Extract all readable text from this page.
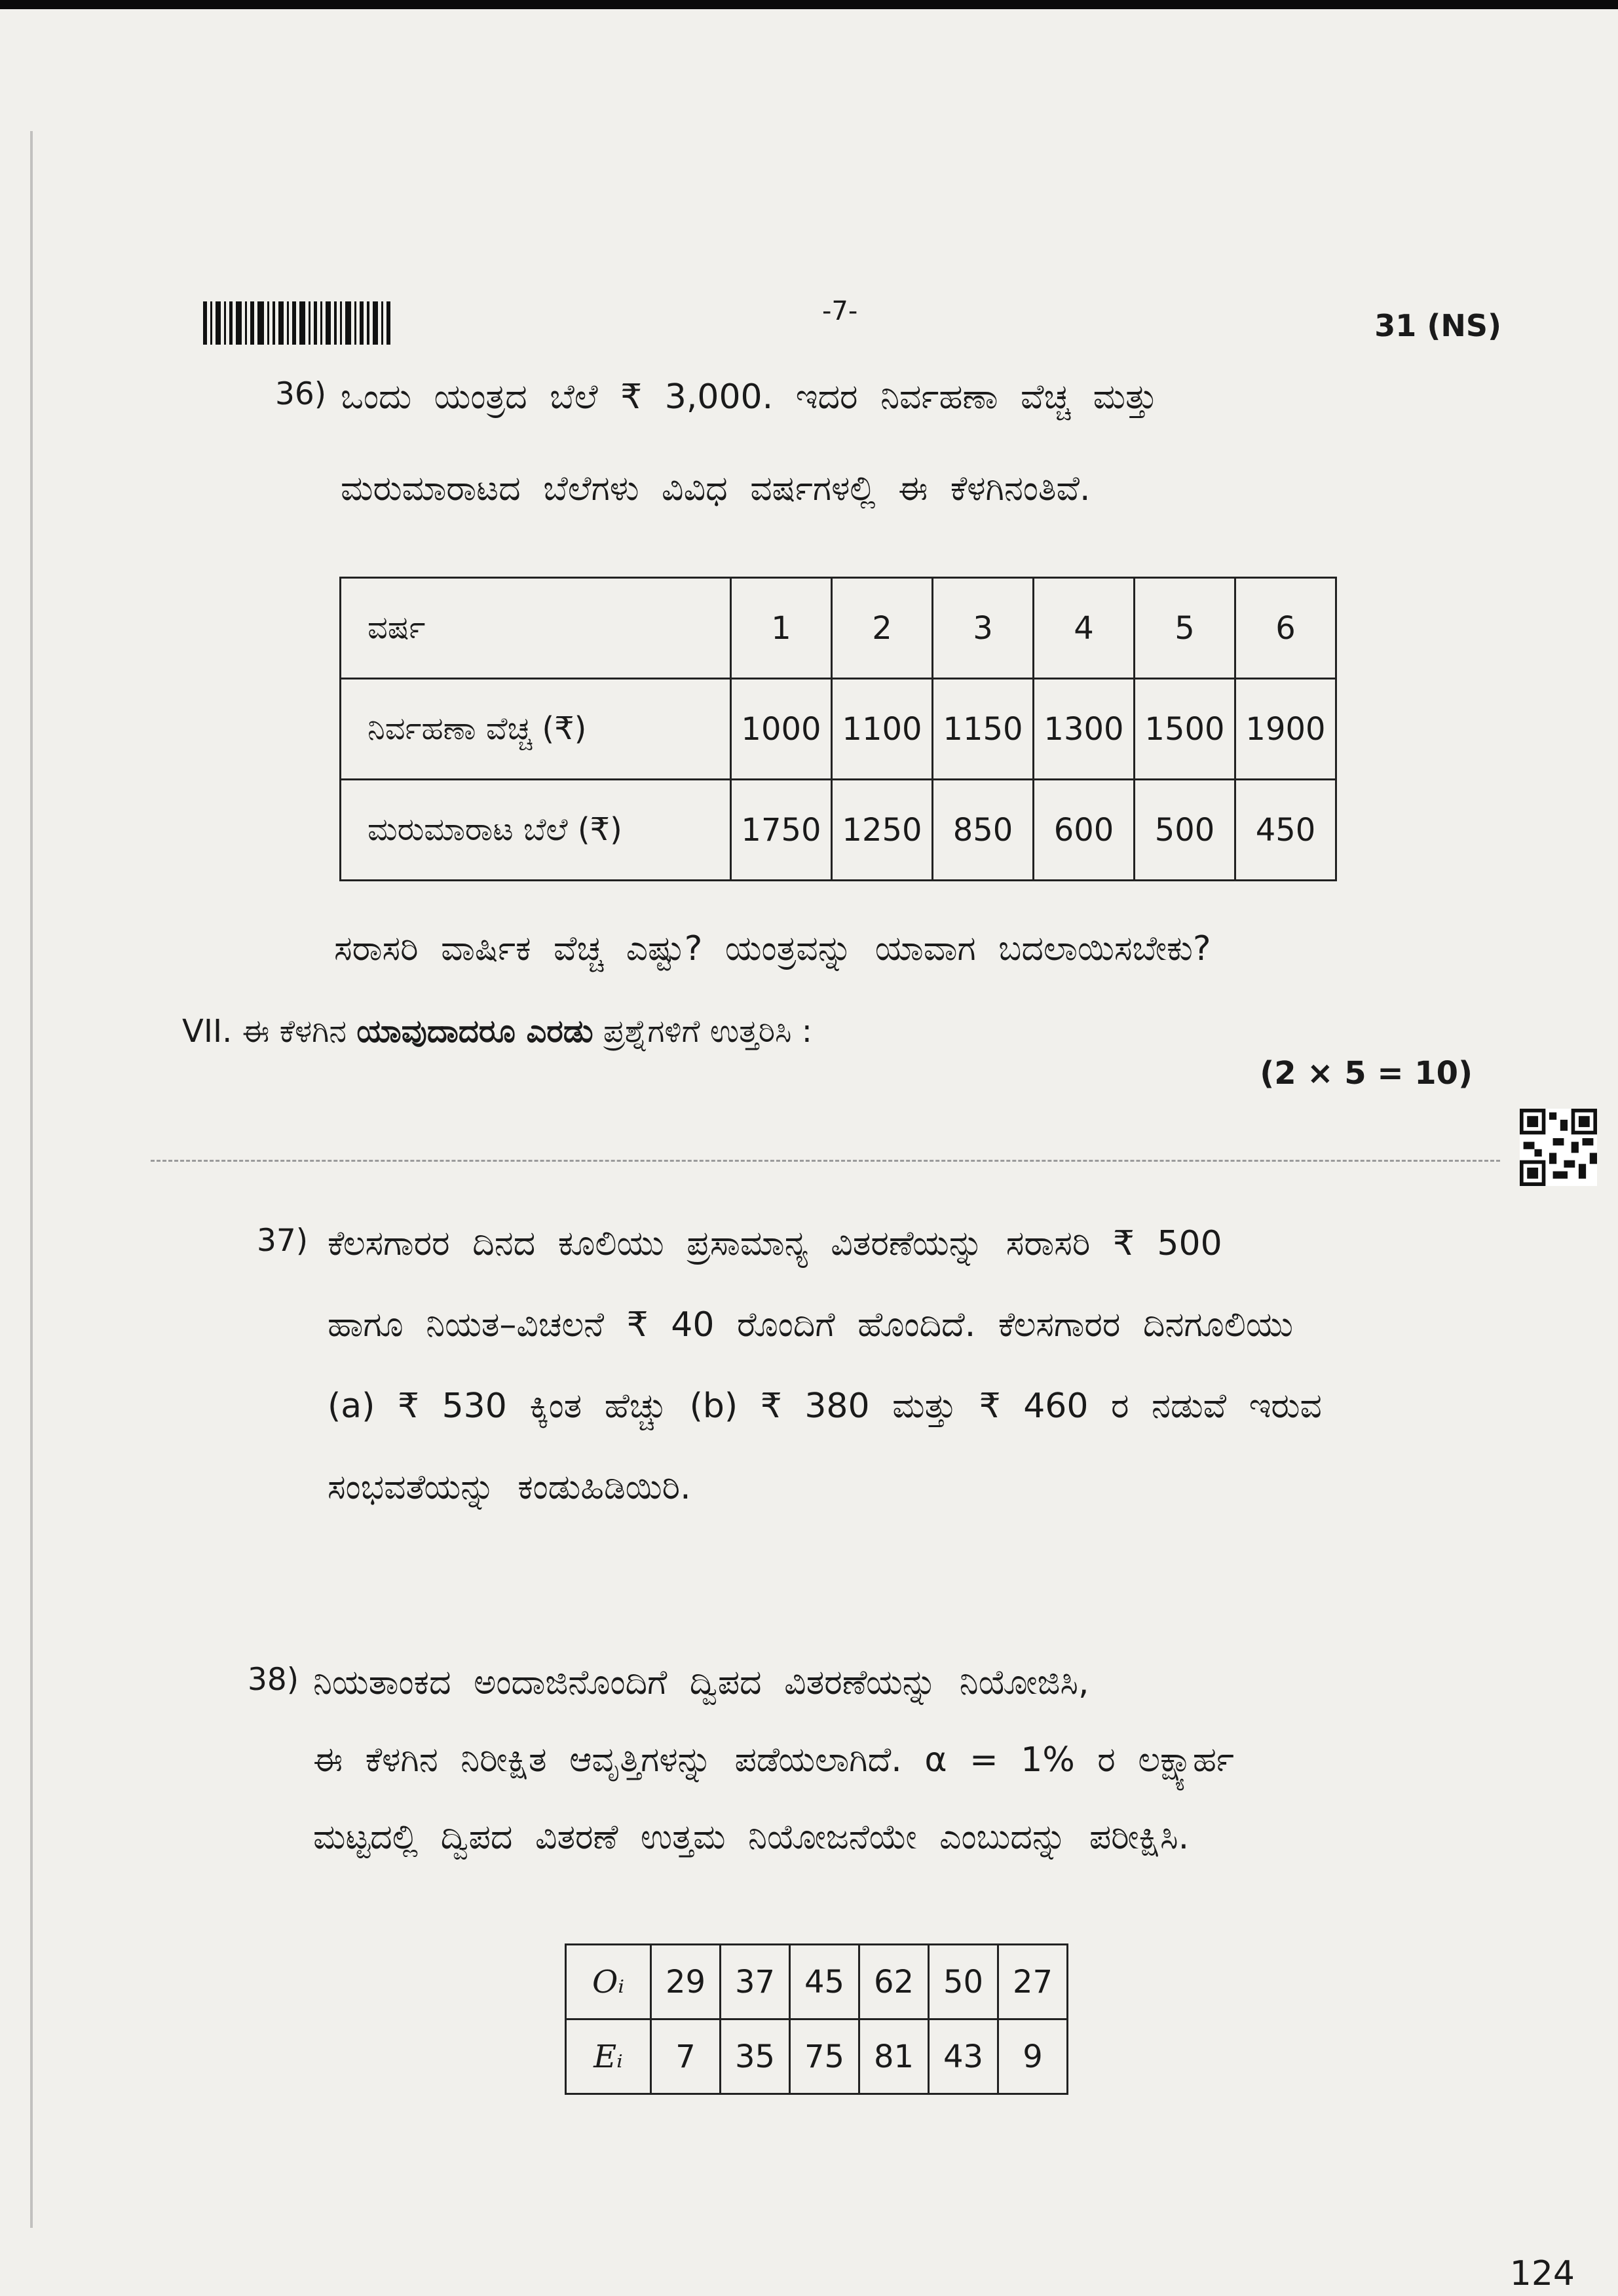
-7-	31 (NS)
36) ಒಂದು ಯಂತ್ರದ ಬೆಲೆ ₹ 3,000. ಇದರ ನಿರ್ವಹಣಾ ವೆಚ್ಚ ಮತ್ತು
ಮರುಮಾರಾಟದ ಬೆಲೆಗಳು ವಿವಿಧ ವರ್ಷಗಳಲ್ಲಿ ಈ ಕೆಳಗಿನಂತಿವೆ.
ವರ್ಷ	1	2	3	4	5	6
ನಿರ್ವಹಣಾ ವೆಚ್ಚ (₹)	1000	1100	1150	1300	1500	1900
ಮರುಮಾರಾಟ ಬೆಲೆ (₹)	1750	1250	850	600	500	450
ಸರಾಸರಿ ವಾರ್ಷಿಕ ವೆಚ್ಚ ಎಷ್ಟು? ಯಂತ್ರವನ್ನು ಯಾವಾಗ ಬದಲಾಯಿಸಬೇಕು?
VII. ಈ ಕೆಳಗಿನ ಯಾವುದಾದರೂ ಎರಡು ಪ್ರಶ್ನೆಗಳಿಗೆ ಉತ್ತರಿಸಿ :
(2 × 5 = 10)
37) ಕೆಲಸಗಾರರ ದಿನದ ಕೂಲಿಯು ಪ್ರಸಾಮಾನ್ಯ ವಿತರಣೆಯನ್ನು ಸರಾಸರಿ ₹ 500
ಹಾಗೂ ನಿಯತ–ವಿಚಲನೆ ₹ 40 ರೊಂದಿಗೆ ಹೊಂದಿದೆ. ಕೆಲಸಗಾರರ ದಿನಗೂಲಿಯು
(a) ₹ 530 ಕ್ಕಿಂತ ಹೆಚ್ಚು (b) ₹ 380 ಮತ್ತು ₹ 460 ರ ನಡುವೆ ಇರುವ
ಸಂಭವತೆಯನ್ನು ಕಂಡುಹಿಡಿಯಿರಿ.
38) ನಿಯತಾಂಕದ ಅಂದಾಜಿನೊಂದಿಗೆ ದ್ವಿಪದ ವಿತರಣೆಯನ್ನು ನಿಯೋಜಿಸಿ,
ಈ ಕೆಳಗಿನ ನಿರೀಕ್ಷಿತ ಆವೃತ್ತಿಗಳನ್ನು ಪಡೆಯಲಾಗಿದೆ. α = 1% ರ ಲಕ್ಷ್ಯಾರ್ಹ
ಮಟ್ಟದಲ್ಲಿ ದ್ವಿಪದ ವಿತರಣೆ ಉತ್ತಮ ನಿಯೋಜನೆಯೇ ಎಂಬುದನ್ನು ಪರೀಕ್ಷಿಸಿ.
Oᵢ	29	37	45	62	50	27
Eᵢ	7	35	75	81	43	9
124
